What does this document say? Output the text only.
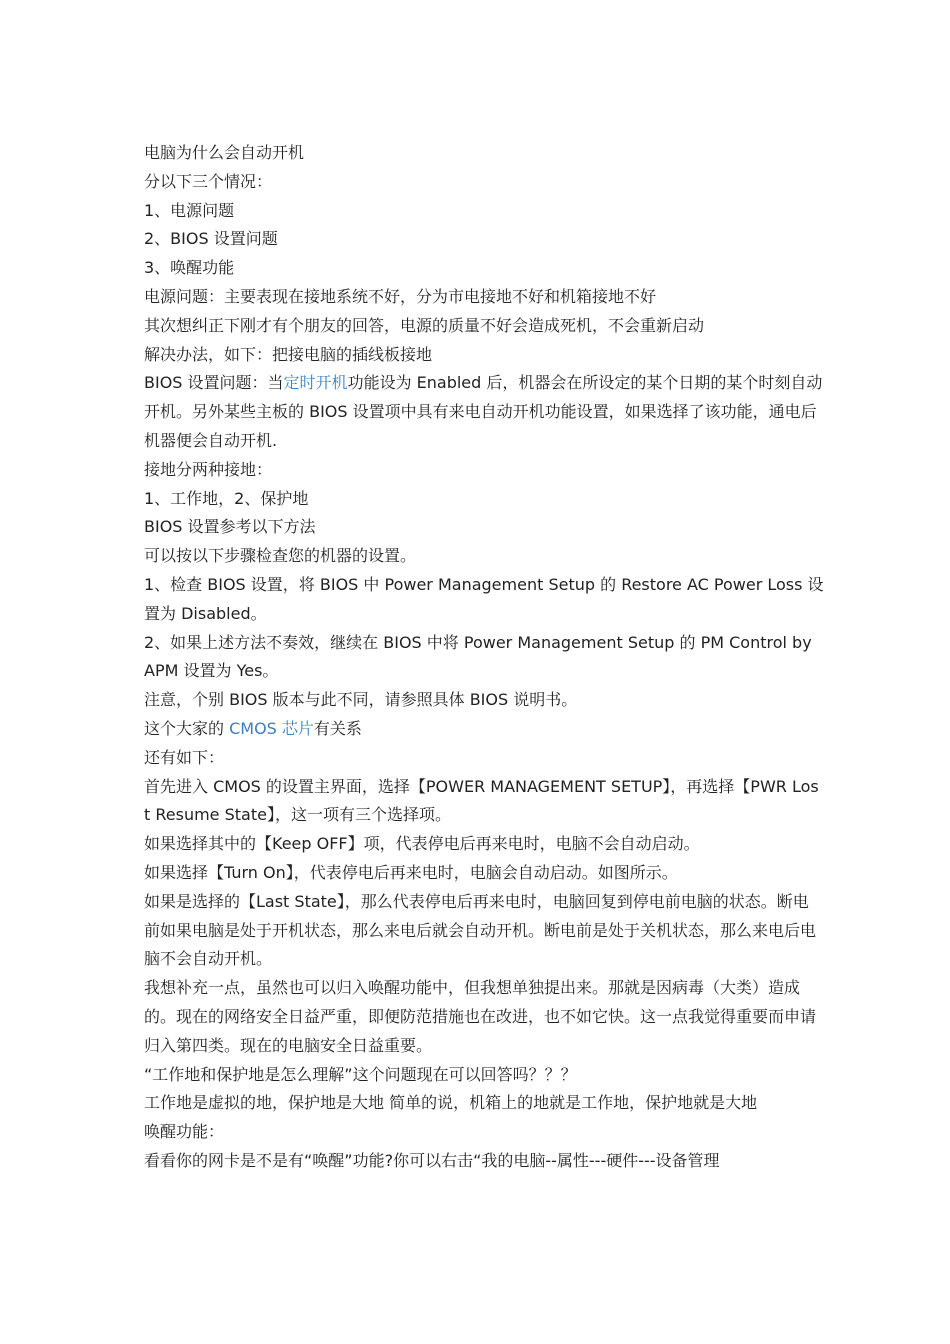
电脑为什么会自动开机

分以下三个情况：

1、电源问题

2、BIOS 设置问题

3、唤醒功能

电源问题：主要表现在接地系统不好，分为市电接地不好和机箱接地不好

其次想纠正下刚才有个朋友的回答，电源的质量不好会造成死机，不会重新启动

解决办法，如下：把接电脑的插线板接地

BIOS 设置问题：当定时开机功能设为 Enabled 后，机器会在所设定的某个日期的某个时刻自动开机。另外某些主板的 BIOS 设置项中具有来电自动开机功能设置，如果选择了该功能，通电后机器便会自动开机.

接地分两种接地：

1、工作地，2、保护地

BIOS 设置参考以下方法

可以按以下步骤检查您的机器的设置。

1、检查 BIOS 设置，将 BIOS 中 Power Management Setup 的 Restore AC Power Loss 设置为 Disabled。

2、如果上述方法不奏效，继续在 BIOS 中将 Power Management Setup 的 PM Control by APM 设置为 Yes。

注意，个别 BIOS 版本与此不同，请参照具体 BIOS 说明书。

这个大家的 CMOS 芯片有关系

还有如下：

首先进入 CMOS 的设置主界面，选择【POWER MANAGEMENT SETUP】，再选择【PWR Lost Resume State】，这一项有三个选择项。

如果选择其中的【Keep OFF】项，代表停电后再来电时，电脑不会自动启动。

如果选择【Turn On】，代表停电后再来电时，电脑会自动启动。如图所示。

如果是选择的【Last State】，那么代表停电后再来电时，电脑回复到停电前电脑的状态。断电前如果电脑是处于开机状态，那么来电后就会自动开机。断电前是处于关机状态，那么来电后电脑不会自动开机。

我想补充一点，虽然也可以归入唤醒功能中，但我想单独提出来。那就是因病毒（大类）造成的。现在的网络安全日益严重，即便防范措施也在改进，也不如它快。这一点我觉得重要而申请归入第四类。现在的电脑安全日益重要。

“工作地和保护地是怎么理解”这个问题现在可以回答吗？？？

工作地是虚拟的地，保护地是大地 简单的说，机箱上的地就是工作地，保护地就是大地

唤醒功能：

看看你的网卡是不是有“唤醒”功能?你可以右击“我的电脑--属性---硬件---设备管理
